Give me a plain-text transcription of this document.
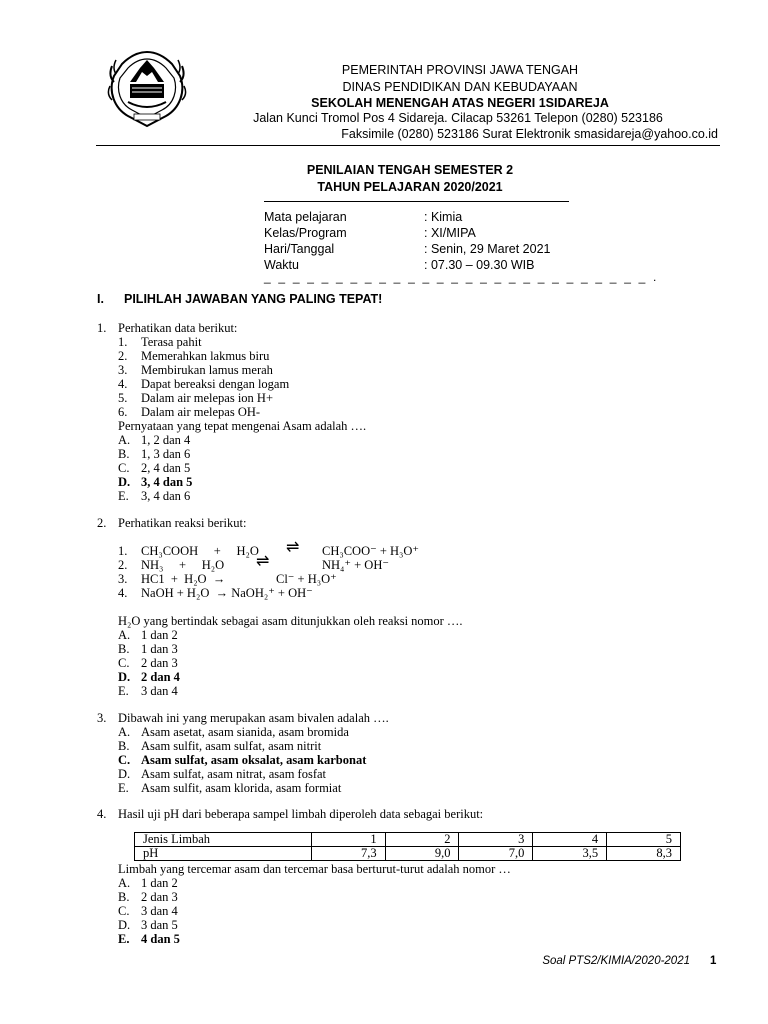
PEMERINTAH PROVINSI JAWA TENGAH
DINAS PENDIDIKAN DAN KEBUDAYAAN
SEKOLAH MENENGAH ATAS NEGERI 1SIDAREJA
Jalan Kunci Tromol Pos 4 Sidareja. Cilacap 53261 Telepon (0280) 523186
Faksimile (0280) 523186 Surat Elektronik smasidareja@yahoo.co.id
PENILAIAN TENGAH SEMESTER 2
TAHUN PELAJARAN 2020/2021
Mata pelajaran	: Kimia
Kelas/Program	: XI/MIPA
Hari/Tanggal	: Senin, 29 Maret 2021
Waktu	: 07.30 – 09.30 WIB
_ _ _ _ _ _ _ _ _ _ _ _ _ _ _ _ _ _ _ _ _ _ _ _ _ _ _ .
I. PILIHLAH JAWABAN YANG PALING TEPAT!
1. Perhatikan data berikut:
1. Terasa pahit
2. Memerahkan lakmus biru
3. Membirukan lamus merah
4. Dapat bereaksi dengan logam
5. Dalam air melepas ion H+
6. Dalam air melepas OH-
Pernyataan yang tepat mengenai Asam adalah ….
A. 1, 2 dan 4
B. 1, 3 dan 6
C. 2, 4 dan 5
D. 3, 4 dan 5
E. 3, 4 dan 6
2. Perhatikan reaksi berikut:
1. CH₃COOH     +     H₂O ⇌ CH₃COO⁻ + H₃O⁺
2. NH₃     +     H₂O ⇌	NH₄⁺ + OH⁻
3. HC1  +  H₂O  →	Cl⁻ + H₃O⁺
4. NaOH + H₂O  → NaOH₂⁺ + OH⁻
H₂O yang bertindak sebagai asam ditunjukkan oleh reaksi nomor ….
A. 1 dan 2
B. 1 dan 3
C. 2 dan 3
D. 2 dan 4
E. 3 dan 4
3. Dibawah ini yang merupakan asam bivalen adalah ….
A. Asam asetat, asam sianida, asam bromida
B. Asam sulfit, asam sulfat, asam nitrit
C. Asam sulfat, asam oksalat, asam karbonat
D. Asam sulfat, asam nitrat, asam fosfat
E. Asam sulfit, asam klorida, asam formiat
4. Hasil uji pH dari beberapa sampel limbah diperoleh data sebagai berikut:
Jenis Limbah	1	2	3	4	5
pH	7,3	9,0	7,0	3,5	8,3
Limbah yang tercemar asam dan tercemar basa berturut-turut adalah nomor …
A. 1 dan 2
B. 2 dan 3
C. 3 dan 4
D. 3 dan 5
E. 4 dan 5
Soal PTS2/KIMIA/2020-2021 1
